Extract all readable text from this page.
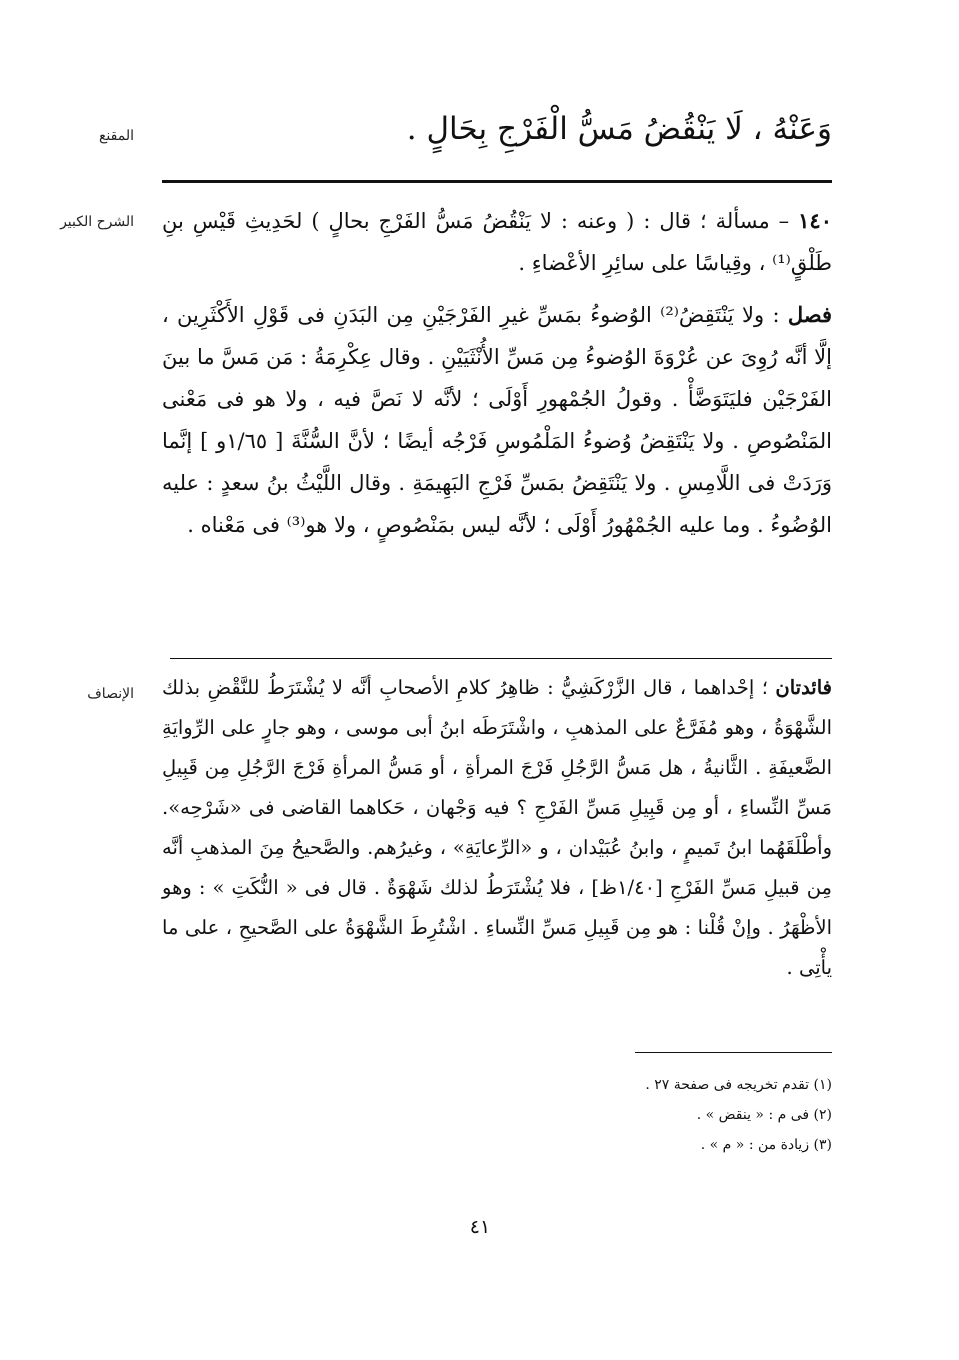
المقنع
الشرح الكبير
الإنصاف
وَعَنْهُ ، لَا يَنْقُضُ مَسُّ الْفَرْجِ بِحَالٍ .

١٤٠ – مسألة ؛ قال : ( وعنه : لا يَنْقُضُ مَسُّ الفَرْجِ بحالٍ ) لحَدِيثِ قَيْسِ بنِ طَلْقٍ⁽¹⁾ ، وقِياسًا على سائِرِ الأعْضاءِ .

فصل : ولا يَنْتَقِضُ⁽²⁾ الوُضوءُ بمَسِّ غيرِ الفَرْجَيْنِ مِن البَدَنِ فى قَوْلِ الأَكْثَرِين ، إلَّا أنَّه رُوِىَ عن عُرْوَةَ الوُضوءُ مِن مَسِّ الأُنْثَيَيْنِ . وقال عِكْرِمَةُ : مَن مَسَّ ما بينَ الفَرْجَيْن فليَتَوَضَّأْ . وقولُ الجُمْهورِ أَوْلَى ؛ لأنَّه لا نَصَّ فيه ، ولا هو فى مَعْنى المَنْصُوصِ . ولا يَنْتَقِضُ وُضوءُ المَلْمُوسِ فَرْجُه أيضًا ؛ لأنَّ السُّنَّةَ [ ١/٦٥و ] إنَّما وَرَدَتْ فى اللَّامِسِ . ولا يَنْتَقِضُ بمَسِّ فَرْجِ البَهِيمَةِ . وقال اللَّيْثُ بنُ سعدٍ : عليه الوُضُوءُ . وما عليه الجُمْهُورُ أَوْلَى ؛ لأنَّه ليس بمَنْصُوصٍ ، ولا هو⁽³⁾ فى مَعْناه .

فائدتان ؛ إحْداهما ، قال الزَّرْكَشِيُّ : ظاهِرُ كلامِ الأصحابِ أنَّه لا يُشْتَرَطُ للنَّقْضِ بذلك الشَّهْوَةُ ، وهو مُفَرَّعٌ على المذهبِ ، واشْتَرَطَه ابنُ أبى موسى ، وهو جارٍ على الرِّوايَةِ الضَّعيفَةِ . الثَّانيةُ ، هل مَسُّ الرَّجُلِ فَرْجَ المرأةِ ، أو مَسُّ المرأةِ فَرْجَ الرَّجُلِ مِن قَبِيلِ مَسِّ النِّساءِ ، أو مِن قَبِيلِ مَسِّ الفَرْجِ ؟ فيه وَجْهان ، حَكاهما القاضى فى «شَرْحِه». وأطْلَقَهُما ابنُ تَميمٍ ، وابنُ عُبَيْدان ، و «الرِّعايَةِ» ، وغيرُهم. والصَّحيحُ مِنَ المذهبِ أنَّه مِن قبيلِ مَسِّ الفَرْجِ [١/٤٠ظ] ، فلا يُشْتَرَطُ لذلك شَهْوَةٌ . قال فى « النُّكَتِ » : وهو الأظْهَرُ . وإنْ قُلْنا : هو مِن قَبِيلِ مَسِّ النِّساءِ . اشْتُرِطَ الشَّهْوَةُ على الصَّحيحِ ، على ما يأْتِى .

(١) تقدم تخريجه فى صفحة ٢٧ .
(٢) فى م : « ينقض » .
(٣) زيادة من : « م » .
٤١
